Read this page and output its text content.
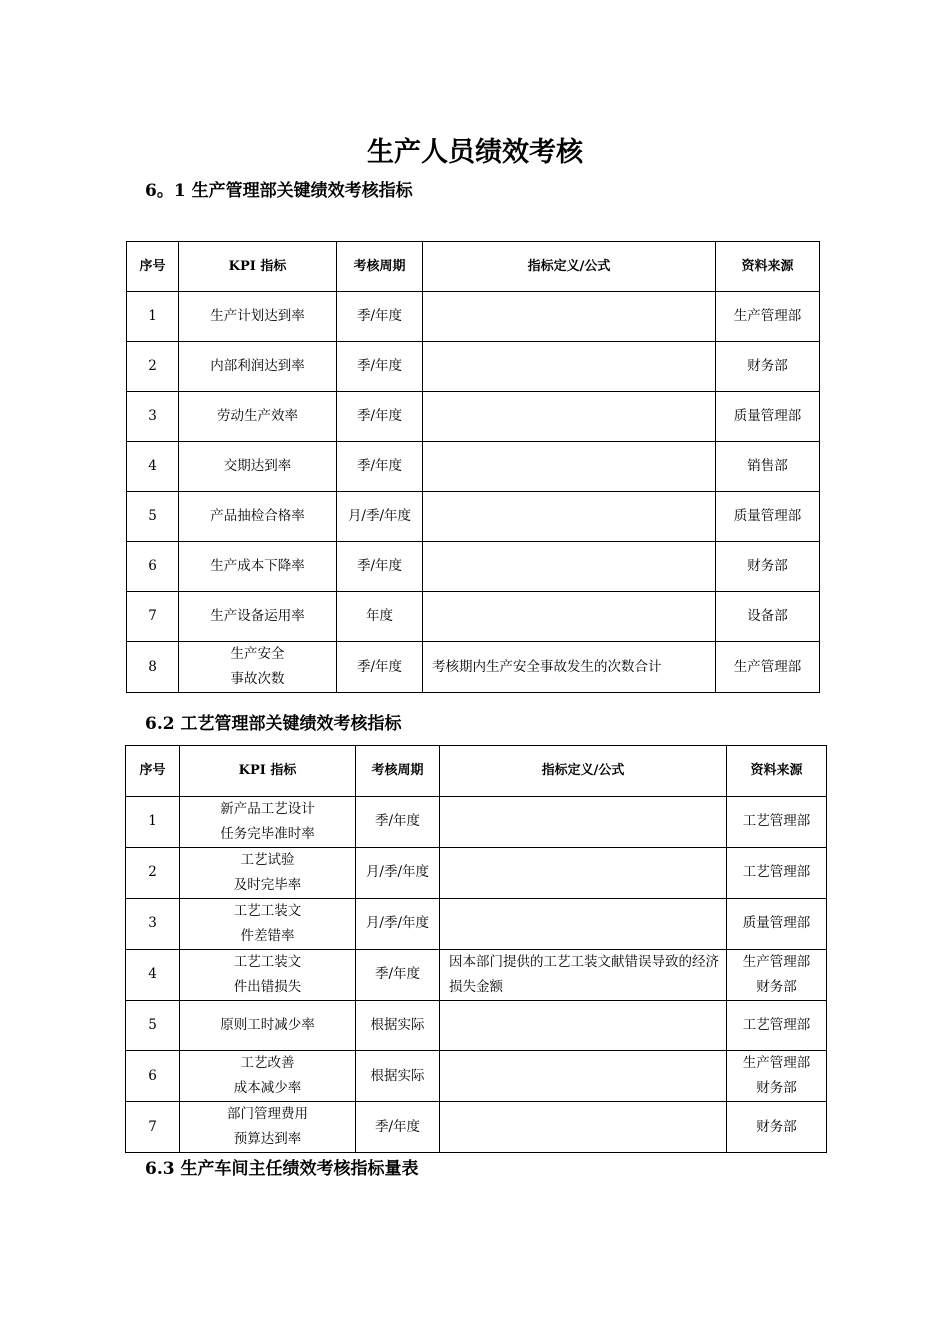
生产人员绩效考核
6。1 生产管理部关键绩效考核指标
序号	KPI 指标	考核周期	指标定义/公式	资料来源
1	生产计划达到率	季/年度		生产管理部

2	内部利润达到率	季/年度		财务部

3	劳动生产效率	季/年度		质量管理部

4	交期达到率	季/年度		销售部

5	产品抽检合格率	月/季/年度		质量管理部

6	生产成本下降率	季/年度		财务部

7	生产设备运用率	年度		设备部

8	生产安全
事故次数	季/年度	考核期内生产安全事故发生的次数合计	生产管理部
6.2 工艺管理部关键绩效考核指标
序号	KPI 指标	考核周期	指标定义/公式	资料来源
1	新产品工艺设计
任务完毕准时率	季/年度		工艺管理部

2	工艺试验
及时完毕率	月/季/年度		工艺管理部

3	工艺工装文
件差错率	月/季/年度		质量管理部

4	工艺工装文
件出错损失	季/年度	因本部门提供的工艺工装文献错误导致的经济损失金额	生产管理部
财务部

5	原则工时减少率	根据实际		工艺管理部

6	工艺改善
成本减少率	根据实际		生产管理部
财务部

7	部门管理费用
预算达到率	季/年度		财务部
6.3 生产车间主任绩效考核指标量表
